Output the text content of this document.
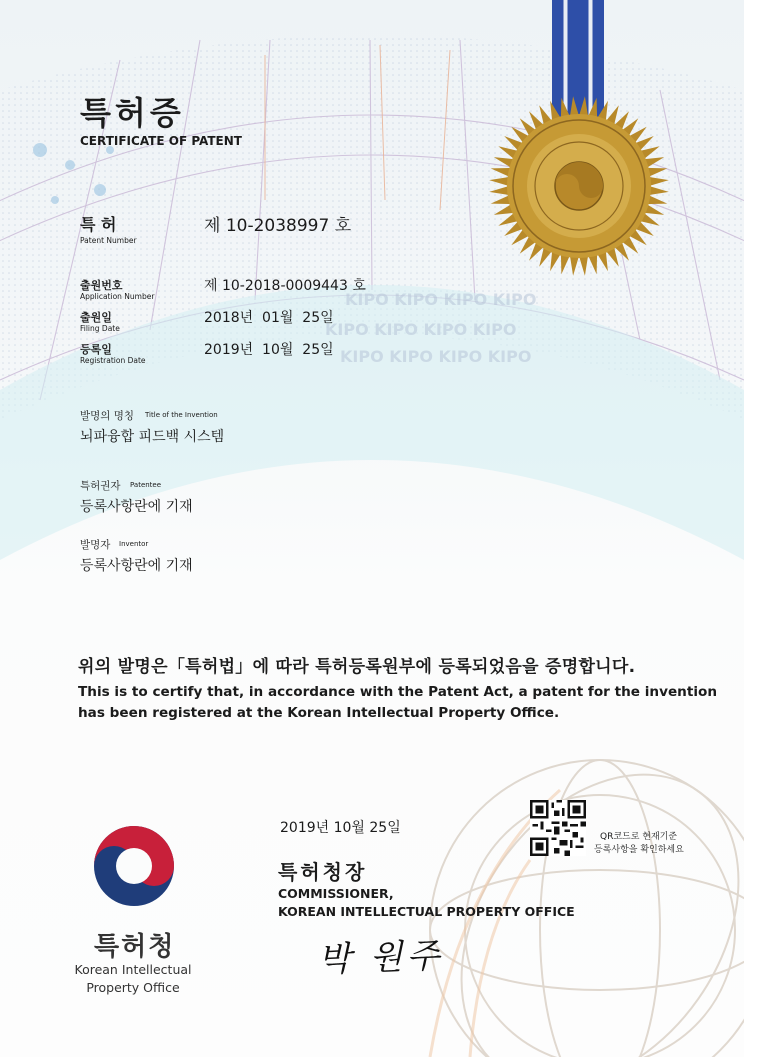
KIPO KIPO KIPO KIPO
KIPO KIPO KIPO KIPO
KIPO KIPO KIPO KIPO
특허증
CERTIFICATE OF PATENT
특 허
Patent Number
제 10-2038997 호
출원번호
Application Number
제 10-2018-0009443 호
출원일
Filing Date
2018년  01월  25일
등록일
Registration Date
2019년  10월  25일
발명의 명칭 Title of the Invention
뇌파융합 피드백 시스템
특허권자 Patentee
등록사항란에 기재
발명자 Inventor
등록사항란에 기재
위의 발명은「특허법」에 따라 특허등록원부에 등록되었음을 증명합니다.
This is to certify that, in accordance with the Patent Act, a patent for the invention
has been registered at the Korean Intellectual Property Office.
2019년 10월 25일
QR코드로 현재기준
등록사항을 확인하세요
특허청장
COMMISSIONER,
KOREAN INTELLECTUAL PROPERTY OFFICE
박 원주
특허청
Korean Intellectual
Property Office
